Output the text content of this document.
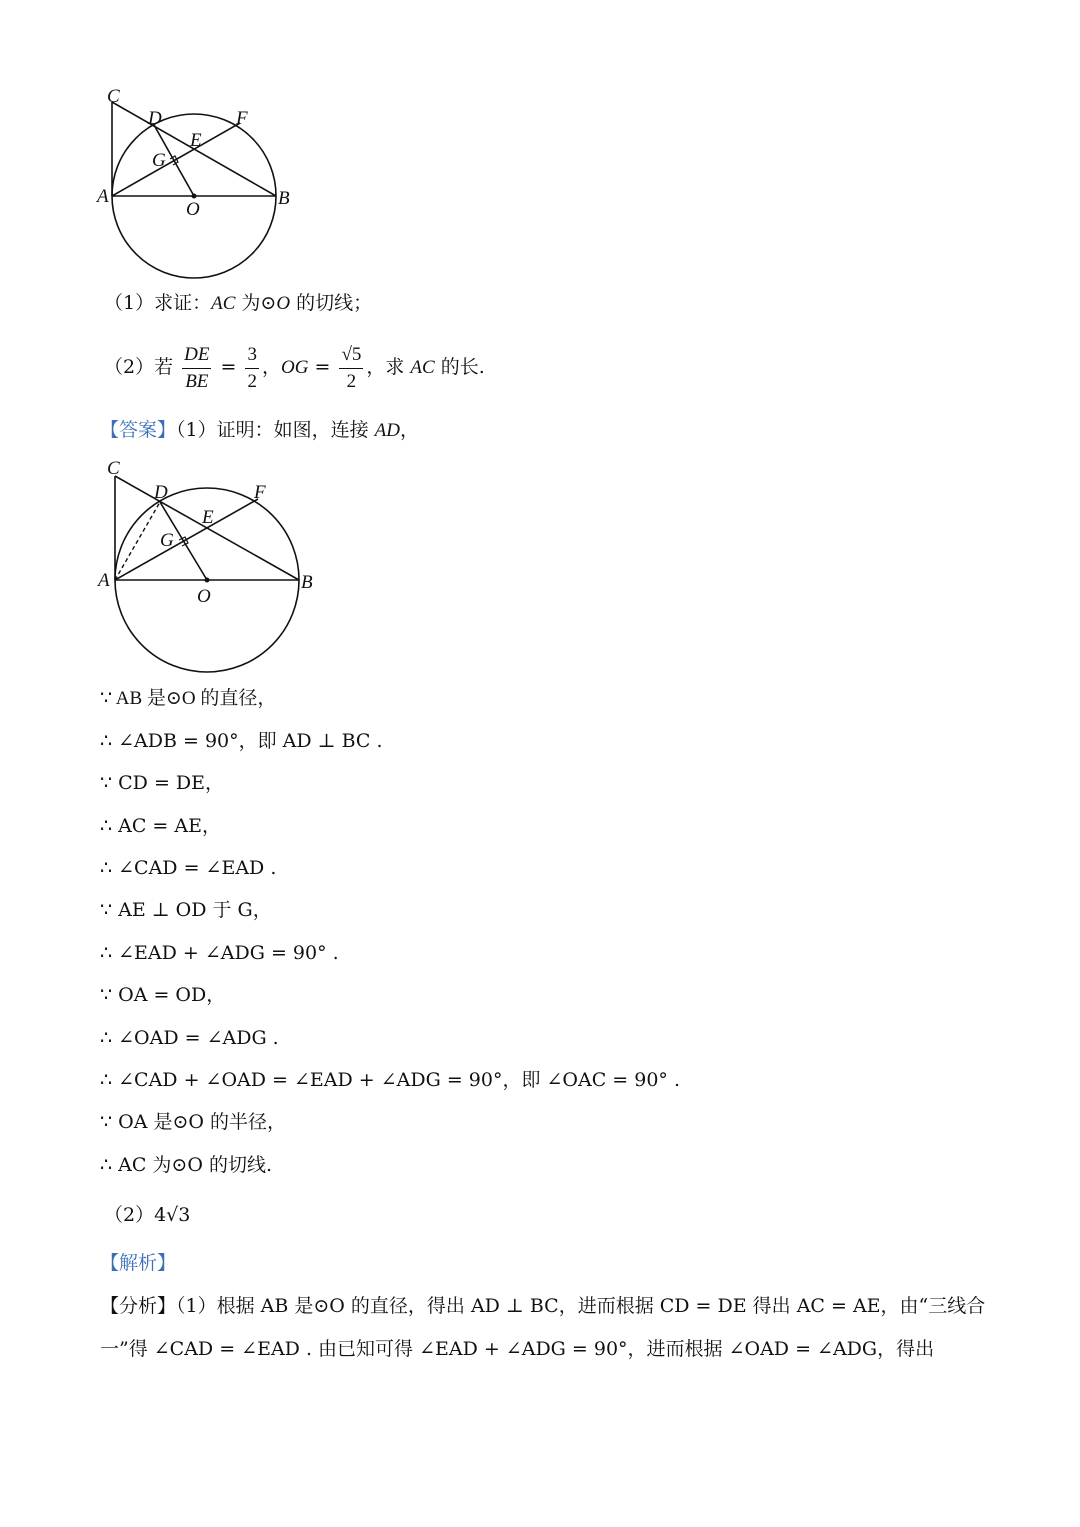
C
D	F
E
G
A
O
B
（1）求证：AC 为⊙O 的切线；
（2）若 $\frac{DE}{BE} = \frac{3}{2}$ ，OG = $\frac{√5}{2}$ ，求 AC 的长.
【答案】（1）证明：如图，连接 AD，
C
D	F
E
G
A
O
B
∵ AB 是⊙O 的直径，
∴ ∠ADB = 90°，即 AD ⊥ BC .
∵ CD = DE，
∴ AC = AE，
∴ ∠CAD = ∠EAD .
∵ AE ⊥ OD 于 G，
∴ ∠EAD + ∠ADG = 90° .
∵ OA = OD，
∴ ∠OAD = ∠ADG .
∴ ∠CAD + ∠OAD = ∠EAD + ∠ADG = 90°，即 ∠OAC = 90° .
∵ OA 是⊙O 的半径，
∴ AC 为⊙O 的切线.
（2）4√3
【解析】
【分析】（1）根据 AB 是⊙O 的直径，得出 AD ⊥ BC，进而根据 CD = DE 得出 AC = AE，由“三线合
一”得 ∠CAD = ∠EAD . 由已知可得 ∠EAD + ∠ADG = 90°，进而根据 ∠OAD = ∠ADG，得出
